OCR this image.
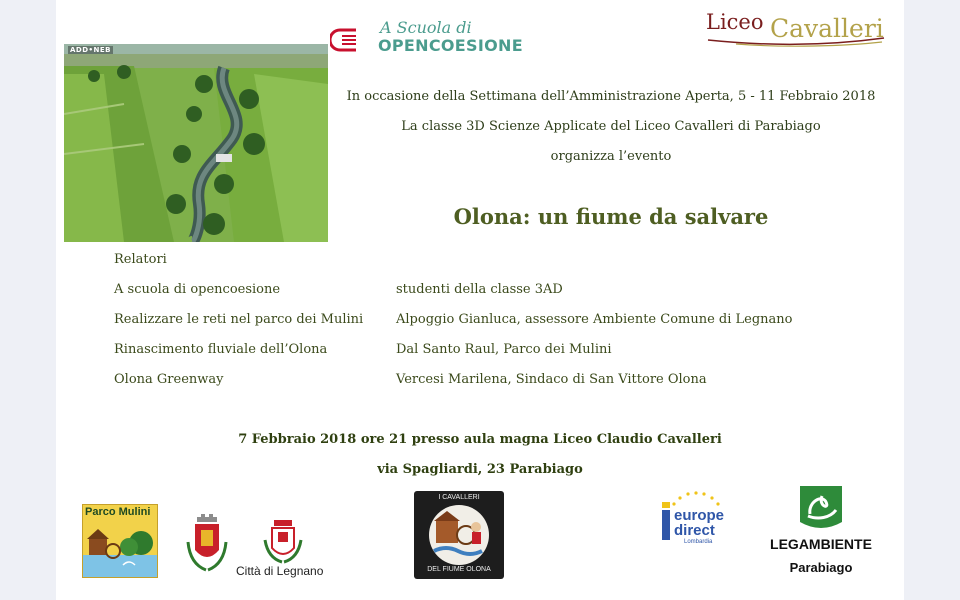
ADD•NEB
A Scuola di
OPENCOESIONE
Liceo Cavalleri
In occasione della Settimana dell’Amministrazione Aperta, 5 - 11 Febbraio 2018
La classe 3D Scienze Applicate del Liceo Cavalleri di Parabiago
organizza l’evento
Olona: un fiume da salvare
Relatori
A scuola di opencoesione	studenti della classe 3AD
Realizzare le reti nel parco dei Mulini	Alpoggio Gianluca, assessore Ambiente Comune di Legnano
Rinascimento fluviale dell’Olona	Dal Santo Raul, Parco dei Mulini
Olona Greenway	Vercesi Marilena, Sindaco di San Vittore Olona
7 Febbraio 2018 ore 21 presso aula magna Liceo Claudio Cavalleri
via Spagliardi, 23 Parabiago
Parco Mulini
Città di Legnano
I CAVALLERI
DEL FIUME OLONA
europe
direct
Lombardia	LEGAMBIENTE
Parabiago
